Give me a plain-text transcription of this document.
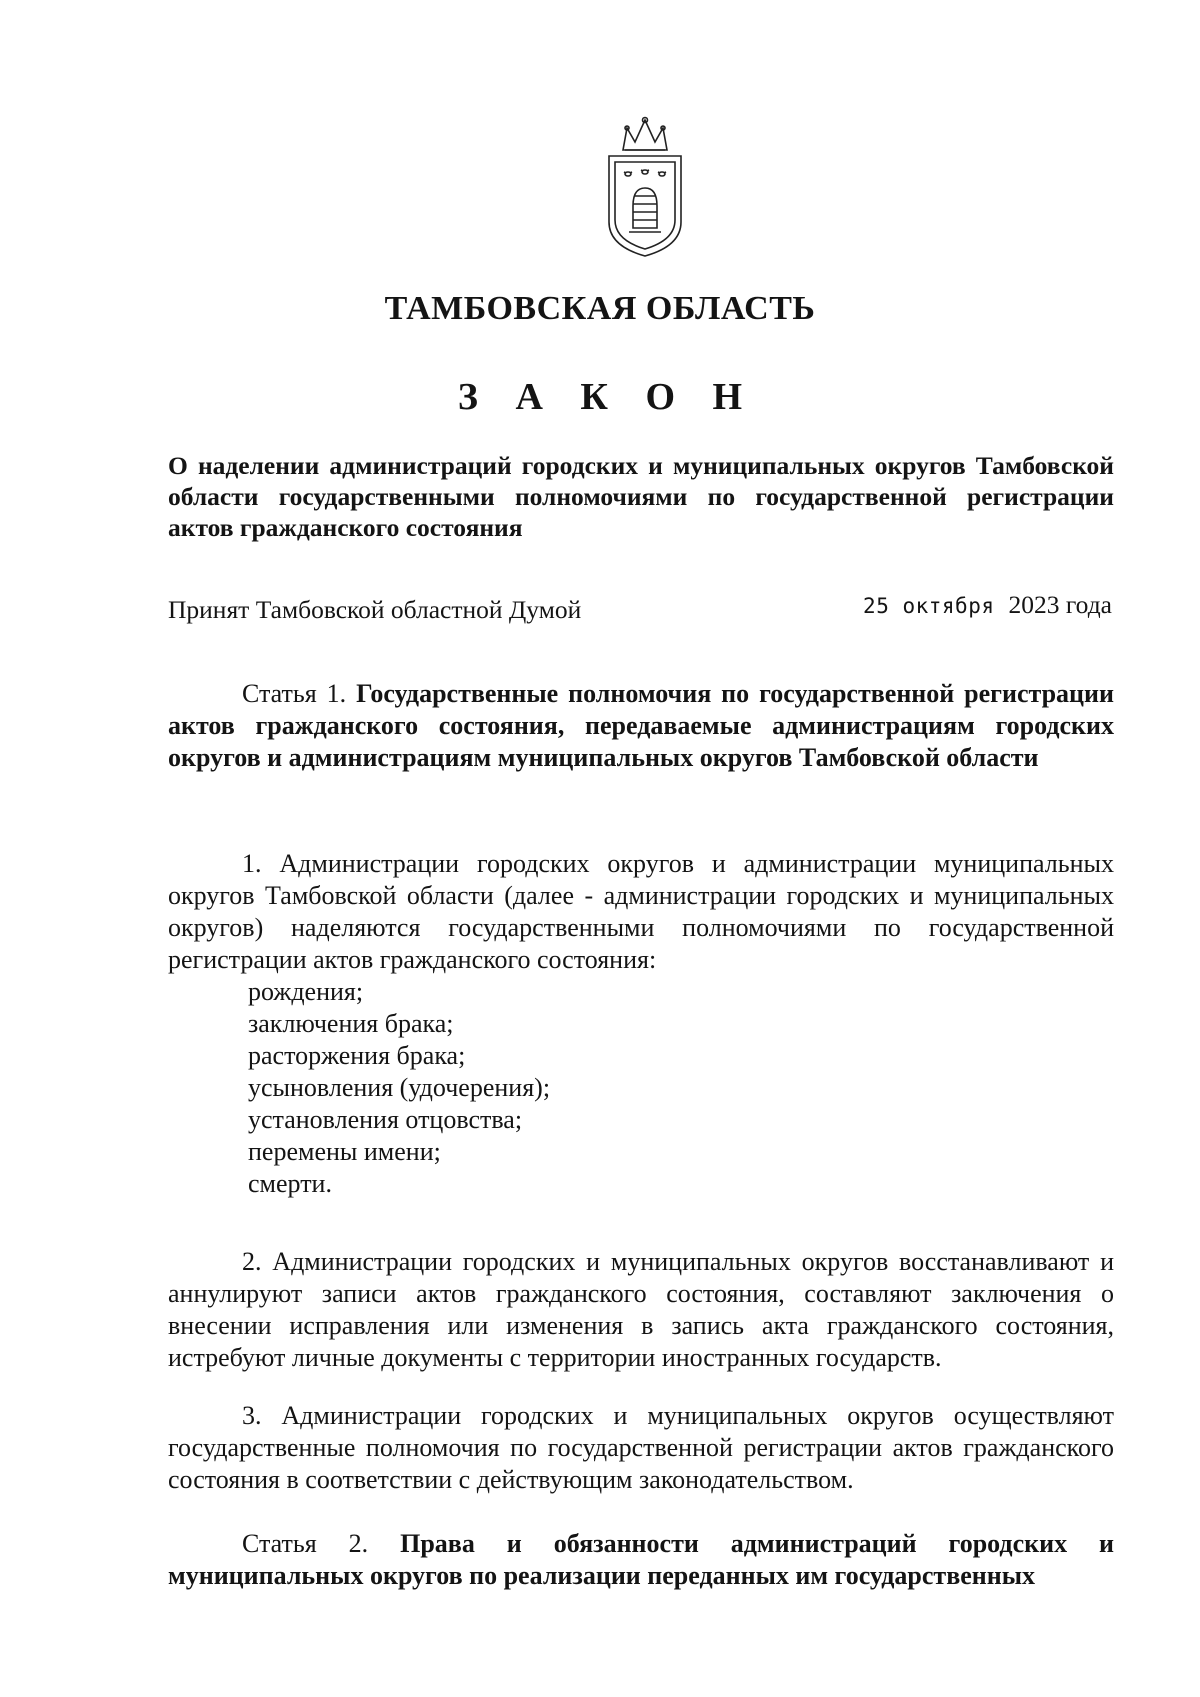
ТАМБОВСКАЯ ОБЛАСТЬ
З А К О Н
О наделении администраций городских и муниципальных округов Тамбовской области государственными полномочиями по государственной регистрации актов гражданского состояния
Принят Тамбовской областной Думой	25 октября 2023 года
Статья 1. Государственные полномочия по государственной регистрации актов гражданского состояния, передаваемые администрациям городских округов и администрациям муниципальных округов Тамбовской области

1. Администрации городских округов и администрации муниципальных округов Тамбовской области (далее - администрации городских и муниципальных округов) наделяются государственными полномочиями по государственной регистрации актов гражданского состояния:

рождения;
заключения брака;
расторжения брака;
усыновления (удочерения);
установления отцовства;
перемены имени;
смерти.

2. Администрации городских и муниципальных округов восстанавливают и аннулируют записи актов гражданского состояния, составляют заключения о внесении исправления или изменения в запись акта гражданского состояния, истребуют личные документы с территории иностранных государств.

3. Администрации городских и муниципальных округов осуществляют государственные полномочия по государственной регистрации актов гражданского состояния в соответствии с действующим законодательством.

Статья 2. Права и обязанности администраций городских и муниципальных округов по реализации переданных им государственных
